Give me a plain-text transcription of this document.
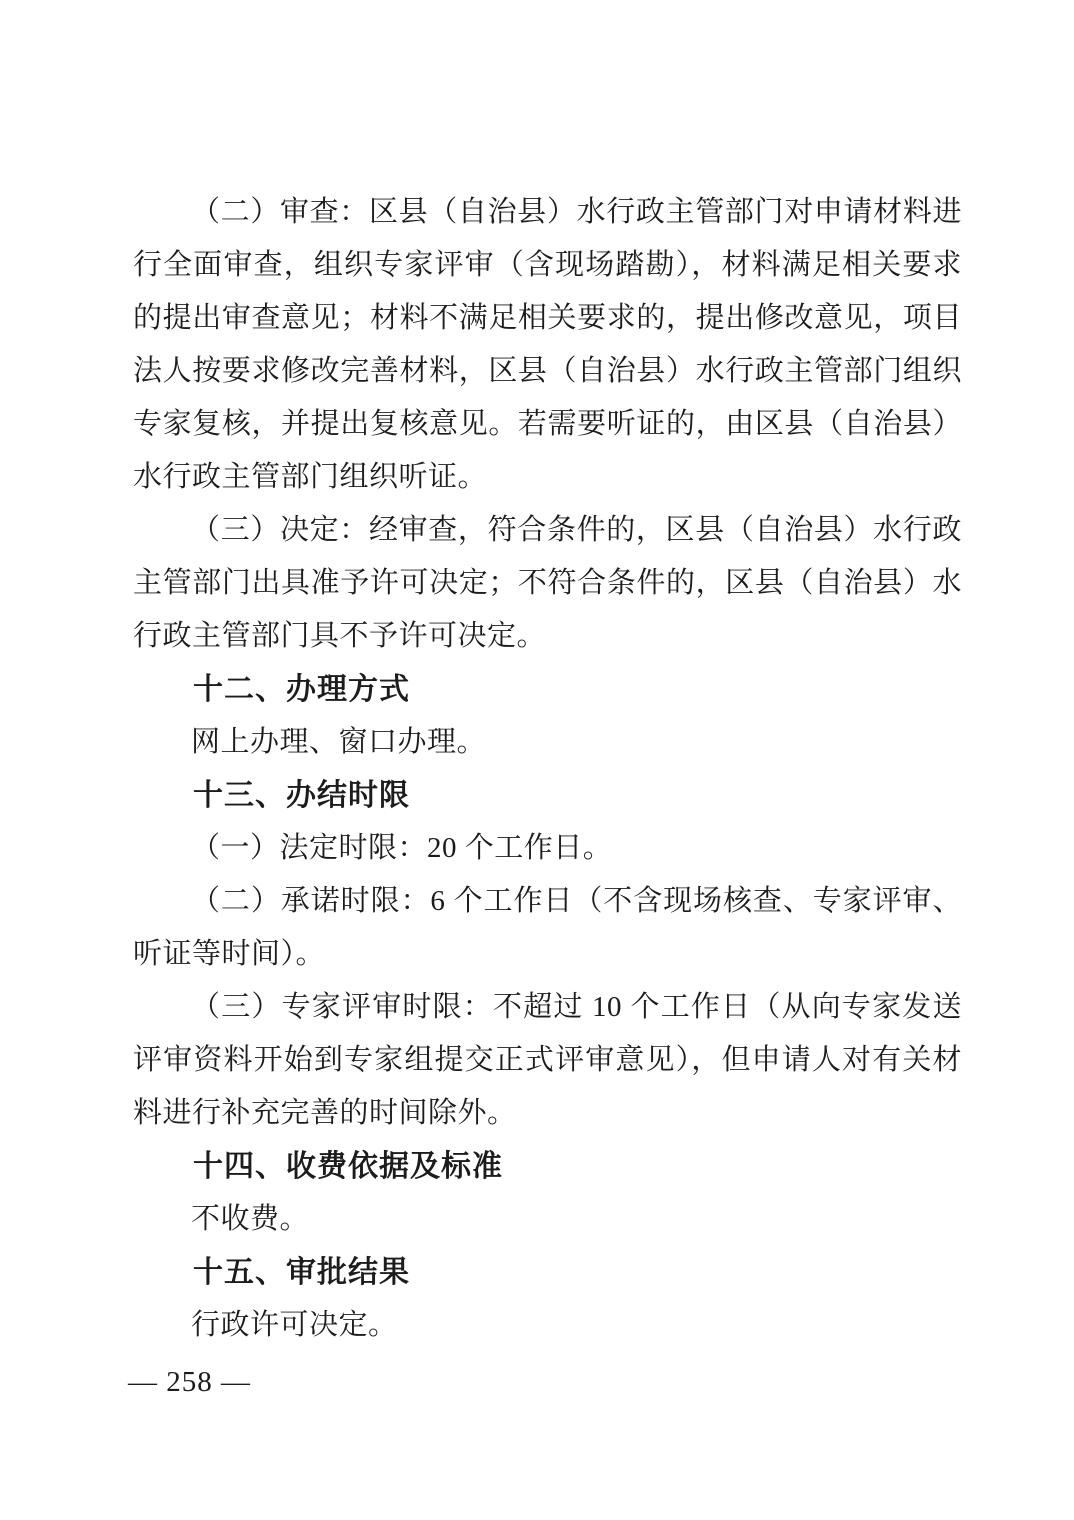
（二）审查：区县（自治县）水行政主管部门对申请材料进行全面审查，组织专家评审（含现场踏勘），材料满足相关要求的提出审查意见；材料不满足相关要求的，提出修改意见，项目法人按要求修改完善材料，区县（自治县）水行政主管部门组织专家复核，并提出复核意见。若需要听证的，由区县（自治县）水行政主管部门组织听证。

（三）决定：经审查，符合条件的，区县（自治县）水行政主管部门出具准予许可决定；不符合条件的，区县（自治县）水行政主管部门具不予许可决定。

十二、办理方式

网上办理、窗口办理。

十三、办结时限

（一）法定时限：20 个工作日。

（二）承诺时限：6 个工作日（不含现场核查、专家评审、听证等时间）。

（三）专家评审时限：不超过 10 个工作日（从向专家发送评审资料开始到专家组提交正式评审意见），但申请人对有关材料进行补充完善的时间除外。

十四、收费依据及标准

不收费。

十五、审批结果

行政许可决定。

— 258 —
